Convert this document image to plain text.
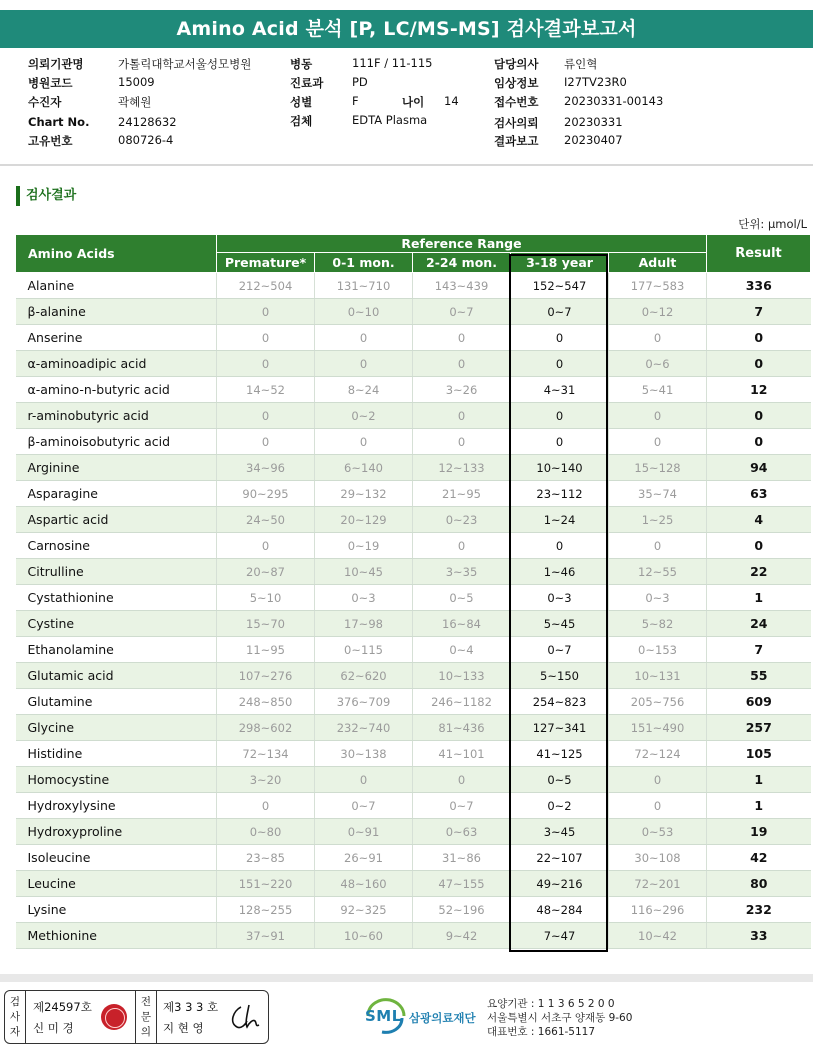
Amino Acid 분석 [P, LC/MS-MS] 검사결과보고서
의뢰기관명	가톨릭대학교서울성모병원
병원코드	15009
수진자	곽혜원
Chart No. 24128632
고유번호	080726-4
병동	111F / 11-115
진료과 PD
성별	F	나이 14
검체	EDTA Plasma
담당의사 류인혁
임상정보 I27TV23R0
접수번호 20230331-00143
검사의뢰 20230331
결과보고 20230407
검사결과
단위: μmol/L
Amino Acids	Reference Range					Result
	Premature*	0-1 mon.	2-24 mon.	3-18 year	Adult	
Alanine	212~504	131~710	143~439	152~547	177~583	336
β-alanine	0	0~10	0~7	0~7	0~12	7
Anserine	0	0	0	0	0	0
α-aminoadipic acid	0	0	0	0	0~6	0
α-amino-n-butyric acid	14~52	8~24	3~26	4~31	5~41	12
r-aminobutyric acid	0	0~2	0	0	0	0
β-aminoisobutyric acid	0	0	0	0	0	0
Arginine	34~96	6~140	12~133	10~140	15~128	94
Asparagine	90~295	29~132	21~95	23~112	35~74	63
Aspartic acid	24~50	20~129	0~23	1~24	1~25	4
Carnosine	0	0~19	0	0	0	0
Citrulline	20~87	10~45	3~35	1~46	12~55	22
Cystathionine	5~10	0~3	0~5	0~3	0~3	1
Cystine	15~70	17~98	16~84	5~45	5~82	24
Ethanolamine	11~95	0~115	0~4	0~7	0~153	7
Glutamic acid	107~276	62~620	10~133	5~150	10~131	55
Glutamine	248~850	376~709	246~1182	254~823	205~756	609
Glycine	298~602	232~740	81~436	127~341	151~490	257
Histidine	72~134	30~138	41~101	41~125	72~124	105
Homocystine	3~20	0	0	0~5	0	1
Hydroxylysine	0	0~7	0~7	0~2	0	1
Hydroxyproline	0~80	0~91	0~63	3~45	0~53	19
Isoleucine	23~85	26~91	31~86	22~107	30~108	42
Leucine	151~220	48~160	47~155	49~216	72~201	80
Lysine	128~255	92~325	52~196	48~284	116~296	232
Methionine	37~91	10~60	9~42	7~47	10~42	33
검사자
제24597호
신 미 경
전문의
제3 3 3 호
지 현 영
SML 삼광의료재단
요양기관 : 1 1 3 6 5 2 0 0
서울특별시 서초구 양재동 9-60
대표번호 : 1661-5117
